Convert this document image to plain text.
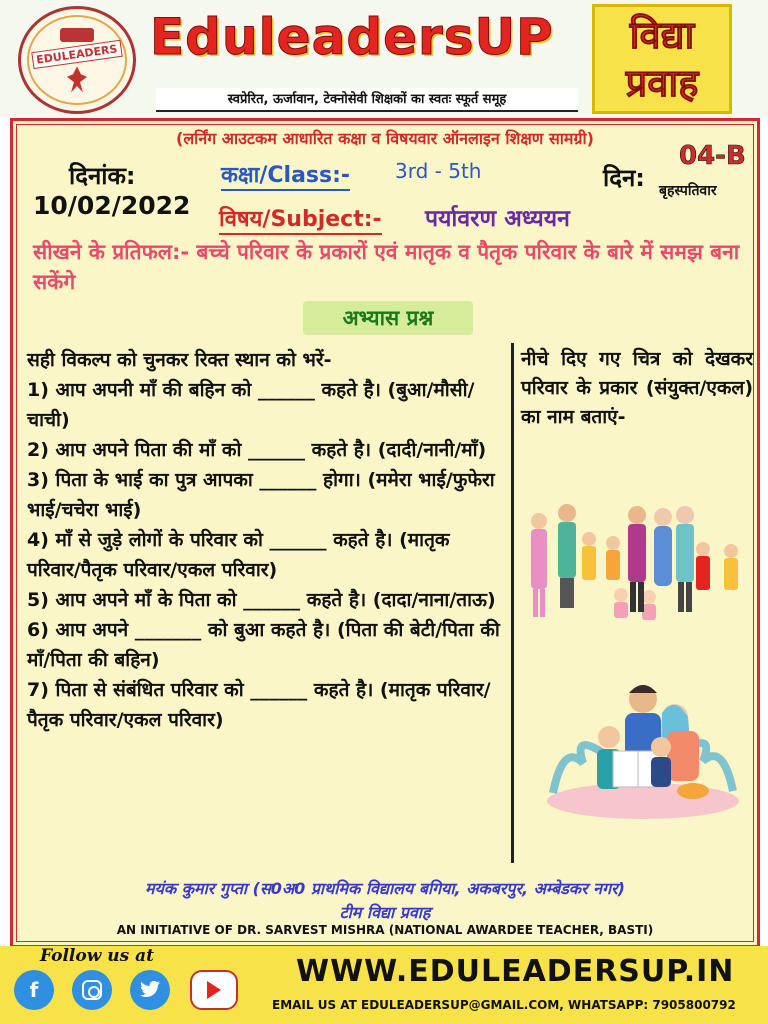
EDULEADERS EduleadersUP
स्वप्रेरित, ऊर्जावान, टेक्नोसेवी शिक्षकों का स्वतः स्फूर्त समूह
विद्या
प्रवाह
(लर्निंग आउटकम आधारित कक्षा व विषयवार ऑनलाइन शिक्षण सामग्री)
दिनांक:
10/02/2022
कक्षा/Class:- 3rd - 5th	दिन:
04-B
बृहस्पतिवार
विषय/Subject:- पर्यावरण अध्ययन
सीखने के प्रतिफल:- बच्चे परिवार के प्रकारों एवं मातृक व पैतृक परिवार के बारे में समझ बना सकेंगे
अभ्यास प्रश्न

सही विकल्प को चुनकर रिक्त स्थान को भरें-

1) आप अपनी माँ की बहिन को ______ कहते है। (बुआ/मौसी/चाची)

2) आप अपने पिता की माँ को ______ कहते है। (दादी/नानी/माँ)

3) पिता के भाई का पुत्र आपका ______ होगा। (ममेरा भाई/फुफेरा भाई/चचेरा भाई)

4) माँ से जुड़े लोगों के परिवार को ______ कहते है। (मातृक परिवार/पैतृक परिवार/एकल परिवार)

5) आप अपने माँ के पिता को ______ कहते है। (दादा/नाना/ताऊ)

6) आप अपने _______ को बुआ कहते है। (पिता की बेटी/पिता की माँ/पिता की बहिन)

7) पिता से संबंधित परिवार को ______ कहते है। (मातृक परिवार/पैतृक परिवार/एकल परिवार)

नीचे दिए गए चित्र को देखकर परिवार के प्रकार (संयुक्त/एकल) का नाम बताएं-
मयंक कुमार गुप्ता (स0अ0 प्राथमिक विद्यालय बगिया, अकबरपुर, अम्बेडकर नगर)
टीम विद्या प्रवाह
AN INITIATIVE OF DR. SARVEST MISHRA (NATIONAL AWARDEE TEACHER, BASTI)
Follow us at
f
WWW.EDULEADERSUP.IN
EMAIL US AT EDULEADERSUP@GMAIL.COM, WHATSAPP: 7905800792
